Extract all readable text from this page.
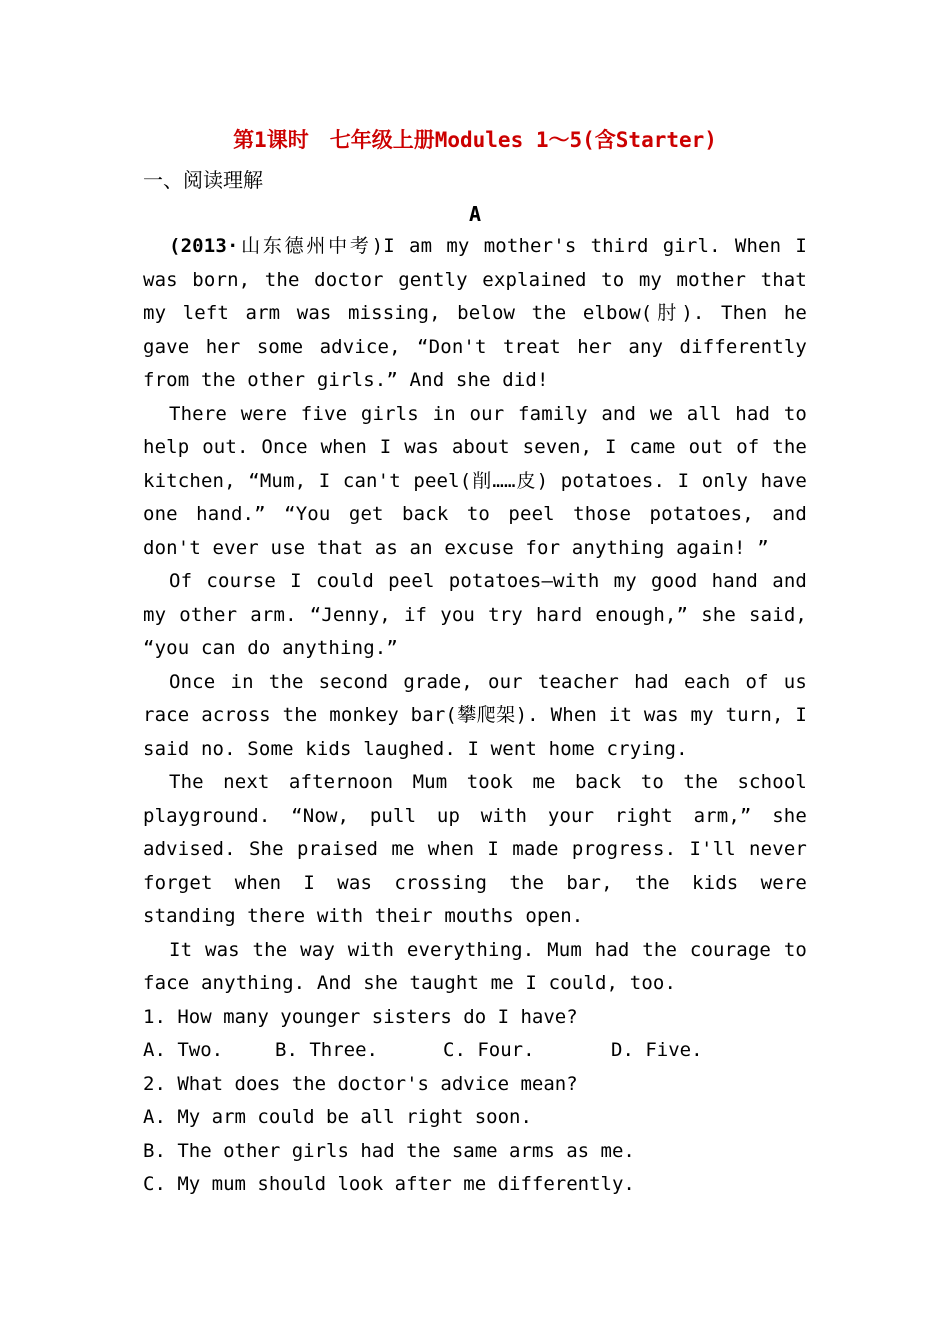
第1课时　七年级上册Modules 1～5(含Starter)
一、阅读理解
A

(2013·山东德州中考)I am my mother's third girl. When I was born, the doctor gently explained to my mother that my left arm was missing, below the elbow(肘). Then he gave her some advice, “Don't treat her any differently from the other girls.” And she did!

There were five girls in our family and we all had to help out. Once when I was about seven, I came out of the kitchen, “Mum, I can't peel(削……皮) potatoes. I only have one hand.” “You get back to peel those potatoes, and don't ever use that as an excuse for anything again! ”

Of course I could peel potatoes—with my good hand and my other arm. “Jenny, if you try hard enough,” she said, “you can do anything.”

Once in the second grade, our teacher had each of us race across the monkey bar(攀爬架). When it was my turn, I said no. Some kids laughed. I went home crying.

The next afternoon Mum took me back to the school playground. “Now, pull up with your right arm,” she advised. She praised me when I made progress. I'll never forget when I was crossing the bar, the kids were standing there with their mouths open.

It was the way with everything. Mum had the courage to face anything. And she taught me I could, too.

1. How many younger sisters do I have?
A. Two.	B. Three.	C. Four.	D. Five.
2. What does the doctor's advice mean?
A. My arm could be all right soon.
B. The other girls had the same arms as me.
C. My mum should look after me differently.
